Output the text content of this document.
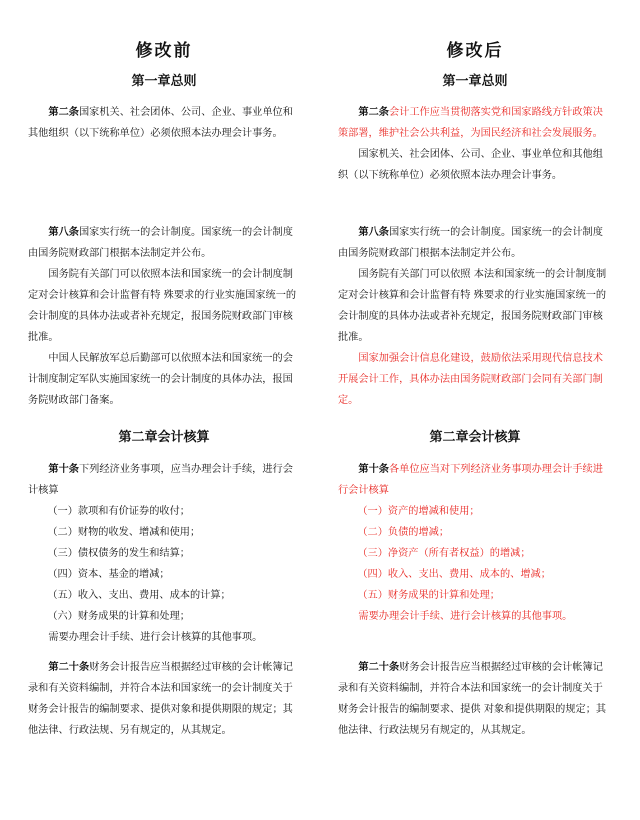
修改前
第一章总则

第二条国家机关、社会团体、公司、企业、事业单位和其他组织（以下统称单位）必须依照本法办理会计事务。

第八条国家实行统一的会计制度。国家统一的会计制度由国务院财政部门根据本法制定并公布。

国务院有关部门可以依照本法和国家统一的会计制度制定对会计核算和会计监督有特 殊要求的行业实施国家统一的会计制度的具体办法或者补充规定，报国务院财政部门审核批准。

中国人民解放军总后勤部可以依照本法和国家统一的会计制度制定军队实施国家统一的会计制度的具体办法，报国务院财政部门备案。

第二章会计核算

第十条下列经济业务事项，应当办理会计手续，进行会计核算

（一）款项和有价证券的收付；

（二）财物的收发、增减和使用；

（三）债权债务的发生和结算；

（四）资本、基金的增减；

（五）收入、支出、费用、成本的计算；

（六）财务成果的计算和处理；

需要办理会计手续、进行会计核算的其他事项。

第二十条财务会计报告应当根据经过审核的会计帐簿记录和有关资料编制，并符合本法和国家统一的会计制度关于财务会计报告的编制要求、提供对象和提供期限的规定；其他法律、行政法规、另有规定的，从其规定。

修改后
第一章总则

第二条会计工作应当贯彻落实党和国家路线方针政策决策部署，维护社会公共利益，为国民经济和社会发展服务。

国家机关、社会团体、公司、企业、事业单位和其他组织（以下统称单位）必须依照本法办理会计事务。

第八条国家实行统一的会计制度。国家统一的会计制度由国务院财政部门根据本法制定并公布。

国务院有关部门可以依照 本法和国家统一的会计制度制定对会计核算和会计监督有特 殊要求的行业实施国家统一的会计制度的具体办法或者补充规定，报国务院财政部门审核 批准。

国家加强会计信息化建设，鼓励依法采用现代信息技术开展会计工作，具体办法由国务院财政部门会同有关部门制定。

第二章会计核算

第十条各单位应当对下列经济业务事项办理会计手续进行会计核算

（一）资产的增减和使用；

（二）负债的增减；

（三）净资产（所有者权益）的增减；

（四）收入、支出、费用、成本的、增减；

（五）财务成果的计算和处理；

需要办理会计手续、进行会计核算的其他事项。

第二十条财务会计报告应当根据经过审核的会计帐簿记录和有关资料编制，并符合本法和国家统一的会计制度关于财务会计报告的编制要求、提供 对象和提供期限的规定；其他法律、行政法规另有规定的，从其规定。
